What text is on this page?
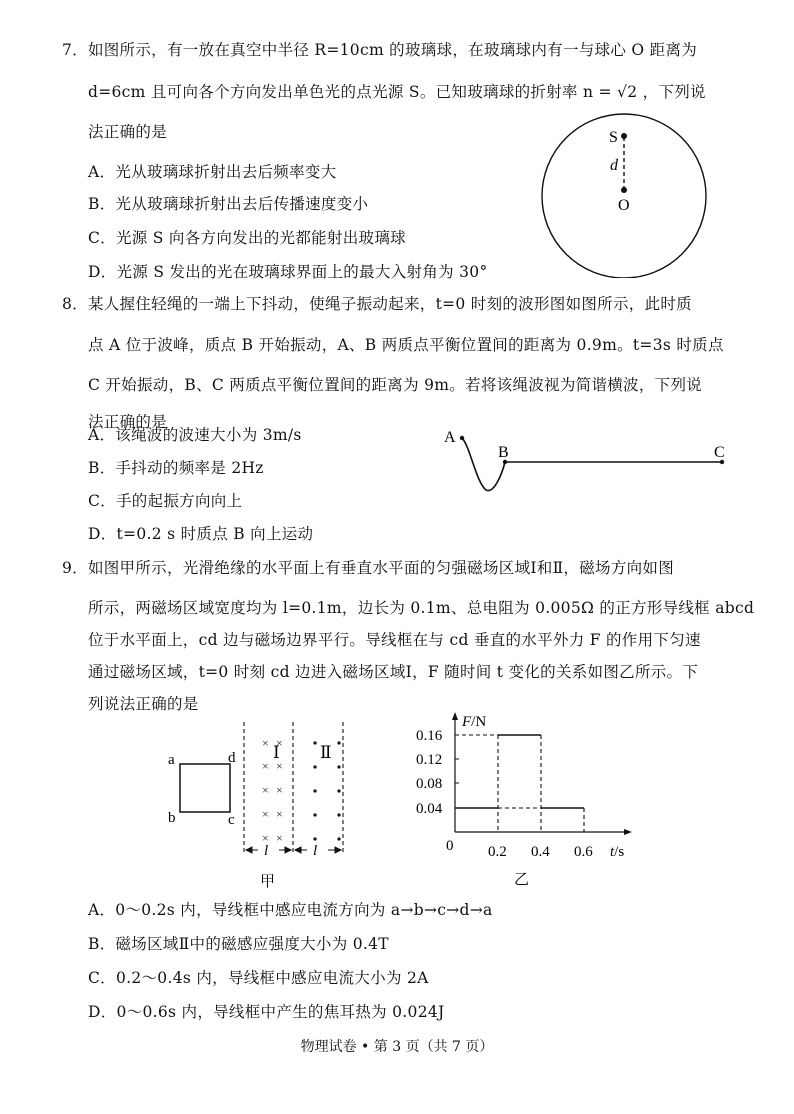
7．如图所示，有一放在真空中半径 R=10cm 的玻璃球，在玻璃球内有一与球心 O 距离为
d=6cm 且可向各个方向发出单色光的点光源 S。已知玻璃球的折射率 n = √2 ，下列说
法正确的是
A．光从玻璃球折射出去后频率变大
B．光从玻璃球折射出去后传播速度变小
C．光源 S 向各方向发出的光都能射出玻璃球
D．光源 S 发出的光在玻璃球界面上的最大入射角为 30°
S
d
O
8．某人握住轻绳的一端上下抖动，使绳子振动起来，t=0 时刻的波形图如图所示，此时质
点 A 位于波峰，质点 B 开始振动，A、B 两质点平衡位置间的距离为 0.9m。t=3s 时质点
C 开始振动，B、C 两质点平衡位置间的距离为 9m。若将该绳波视为简谐横波，下列说
法正确的是
A．该绳波的波速大小为 3m/s
B．手抖动的频率是 2Hz
C．手的起振方向向上
D．t=0.2 s 时质点 B 向上运动
A
B	C
9．如图甲所示，光滑绝缘的水平面上有垂直水平面的匀强磁场区域Ⅰ和Ⅱ，磁场方向如图
所示，两磁场区域宽度均为 l=0.1m，边长为 0.1m、总电阻为 0.005Ω 的正方形导线框 abcd
位于水平面上，cd 边与磁场边界平行。导线框在与 cd 垂直的水平外力 F 的作用下匀速
通过磁场区域，t=0 时刻 cd 边进入磁场区域Ⅰ，F 随时间 t 变化的关系如图乙所示。下
列说法正确的是
a
b	c
d
× ×
× ×
× ×
× ×
× ×
Ⅰ Ⅱ
l	l
甲
F/N
0.16
0.12
0.08
0.04
0 0.2 0.4 0.6 t/s
乙
A．0～0.2s 内，导线框中感应电流方向为 a→b→c→d→a
B．磁场区域Ⅱ中的磁感应强度大小为 0.4T
C．0.2～0.4s 内，导线框中感应电流大小为 2A
D．0～0.6s 内，导线框中产生的焦耳热为 0.024J
物理试卷 • 第 3 页（共 7 页）
